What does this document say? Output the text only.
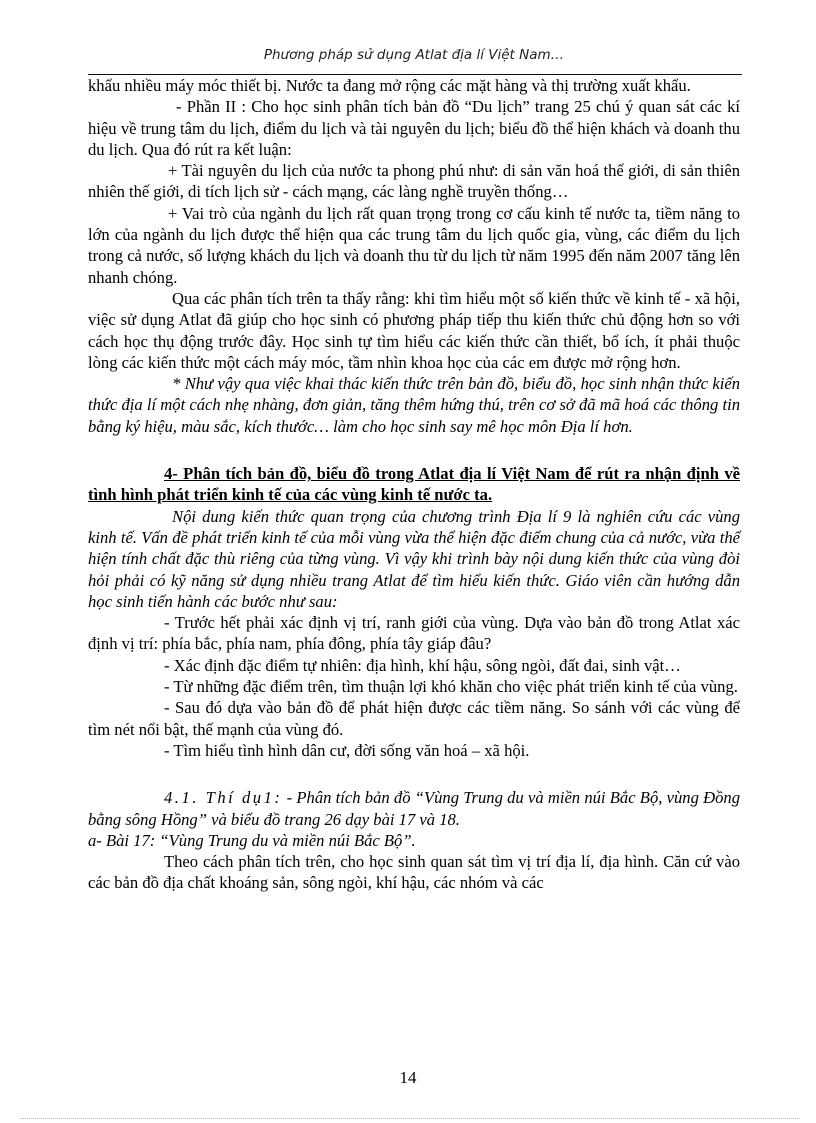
Phương pháp sử dụng Atlat địa lí Việt Nam…

khẩu nhiều máy móc thiết bị. Nước ta đang mở rộng các mặt hàng và thị trường xuất khẩu.

- Phần II : Cho học sinh phân tích bản đồ “Du lịch” trang 25 chú ý quan sát các kí hiệu về trung tâm du lịch, điểm du lịch và tài nguyên du lịch; biểu đồ thể hiện khách và doanh thu du lịch. Qua đó rút ra kết luận:

+ Tài nguyên du lịch của nước ta phong phú như: di sản văn hoá thế giới, di sản thiên nhiên thế giới, di tích lịch sử - cách mạng, các làng nghề truyền thống…

+ Vai trò của ngành du lịch rất quan trọng trong cơ cấu kinh tế nước ta, tiềm năng to lớn của ngành du lịch được thể hiện qua các trung tâm du lịch quốc gia, vùng, các điểm du lịch trong cả nước, số lượng khách du lịch và doanh thu từ du lịch từ năm 1995 đến năm 2007 tăng lên nhanh chóng.

Qua các phân tích trên ta thấy rằng: khi tìm hiểu một số kiến thức về kinh tế - xã hội, việc sử dụng Atlat đã giúp cho học sinh có phương pháp tiếp thu kiến thức chủ động hơn so với cách học thụ động trước đây. Học sinh tự tìm hiểu các kiến thức cần thiết, bổ ích, ít phải thuộc lòng các kiến thức một cách máy móc, tầm nhìn khoa học của các em được mở rộng hơn.

* Như vậy qua việc khai thác kiến thức trên bản đồ, biểu đồ, học sinh nhận thức kiến thức địa lí một cách nhẹ nhàng, đơn giản, tăng thêm hứng thú, trên cơ sở đã mã hoá các thông tin bằng ký hiệu, màu sắc, kích thước… làm cho học sinh say mê học môn Địa lí hơn.

4- Phân tích bản đồ, biểu đồ trong Atlat địa lí Việt Nam để rút ra nhận định về tình hình phát triển kinh tế của các vùng kinh tế nước ta.

Nội dung kiến thức quan trọng của chương trình Địa lí 9 là nghiên cứu các vùng kinh tế. Vấn đề phát triển kinh tế của mỗi vùng vừa thể hiện đặc điểm chung của cả nước, vừa thể hiện tính chất đặc thù riêng của từng vùng. Vì vậy khi trình bày nội dung kiến thức của vùng đòi hỏi phải có kỹ năng sử dụng nhiều trang Atlat để tìm hiểu kiến thức. Giáo viên cần hướng dẫn học sinh tiến hành các bước như sau:

- Trước hết phải xác định vị trí, ranh giới của vùng. Dựa vào bản đồ trong Atlat xác định vị trí: phía bắc, phía nam, phía đông, phía tây giáp đâu?

- Xác định đặc điểm tự nhiên: địa hình, khí hậu, sông ngòi, đất đai, sinh vật…

- Từ những đặc điểm trên, tìm thuận lợi khó khăn cho việc phát triển kinh tế của vùng.

- Sau đó dựa vào bản đồ để phát hiện được các tiềm năng. So sánh với các vùng để tìm nét nổi bật, thế mạnh của vùng đó.

- Tìm hiểu tình hình dân cư, đời sống văn hoá – xã hội.

4.1. Thí dụ1: - Phân tích bản đồ “Vùng Trung du và miền núi Bắc Bộ, vùng Đồng bằng sông Hồng” và biểu đồ trang 26 dạy bài 17 và 18.

a- Bài 17: “Vùng Trung du và miền núi Bắc Bộ”.

Theo cách phân tích trên, cho học sinh quan sát tìm vị trí địa lí, địa hình. Căn cứ vào các bản đồ địa chất khoáng sản, sông ngòi, khí hậu, các nhóm và các

14
